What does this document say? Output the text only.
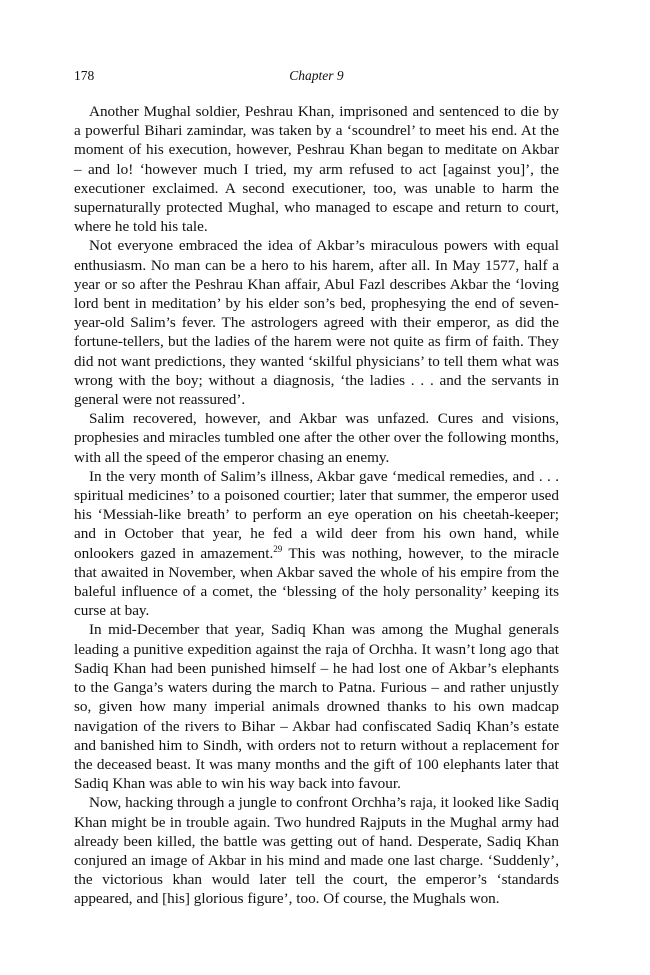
178	Chapter 9

Another Mughal soldier, Peshrau Khan, imprisoned and sentenced to die by a powerful Bihari zamindar, was taken by a ‘scoundrel’ to meet his end. At the moment of his execution, however, Peshrau Khan began to meditate on Akbar – and lo! ‘however much I tried, my arm refused to act [against you]’, the executioner exclaimed. A second executioner, too, was unable to harm the supernaturally protected Mughal, who managed to escape and return to court, where he told his tale.

Not everyone embraced the idea of Akbar’s miraculous powers with equal enthusiasm. No man can be a hero to his harem, after all. In May 1577, half a year or so after the Peshrau Khan affair, Abul Fazl describes Akbar the ‘loving lord bent in meditation’ by his elder son’s bed, prophesying the end of seven-year-old Salim’s fever. The astrologers agreed with their emperor, as did the fortune-tellers, but the ladies of the harem were not quite as firm of faith. They did not want predictions, they wanted ‘skilful physicians’ to tell them what was wrong with the boy; without a diagnosis, ‘the ladies . . . and the servants in general were not reassured’.

Salim recovered, however, and Akbar was unfazed. Cures and visions, prophesies and miracles tumbled one after the other over the following months, with all the speed of the emperor chasing an enemy.

In the very month of Salim’s illness, Akbar gave ‘medical remedies, and . . . spiritual medicines’ to a poisoned courtier; later that summer, the emperor used his ‘Messiah-like breath’ to perform an eye operation on his cheetah-keeper; and in October that year, he fed a wild deer from his own hand, while onlookers gazed in amazement.$^{29}$ This was nothing, however, to the miracle that awaited in November, when Akbar saved the whole of his empire from the baleful influence of a comet, the ‘blessing of the holy personality’ keeping its curse at bay.

In mid-December that year, Sadiq Khan was among the Mughal generals leading a punitive expedition against the raja of Orchha. It wasn’t long ago that Sadiq Khan had been punished himself – he had lost one of Akbar’s elephants to the Ganga’s waters during the march to Patna. Furious – and rather unjustly so, given how many imperial animals drowned thanks to his own madcap navigation of the rivers to Bihar – Akbar had confiscated Sadiq Khan’s estate and banished him to Sindh, with orders not to return without a replacement for the deceased beast. It was many months and the gift of 100 elephants later that Sadiq Khan was able to win his way back into favour.

Now, hacking through a jungle to confront Orchha’s raja, it looked like Sadiq Khan might be in trouble again. Two hundred Rajputs in the Mughal army had already been killed, the battle was getting out of hand. Desperate, Sadiq Khan conjured an image of Akbar in his mind and made one last charge. ‘Suddenly’, the victorious khan would later tell the court, the emperor’s ‘standards appeared, and [his] glorious figure’, too. Of course, the Mughals won.
